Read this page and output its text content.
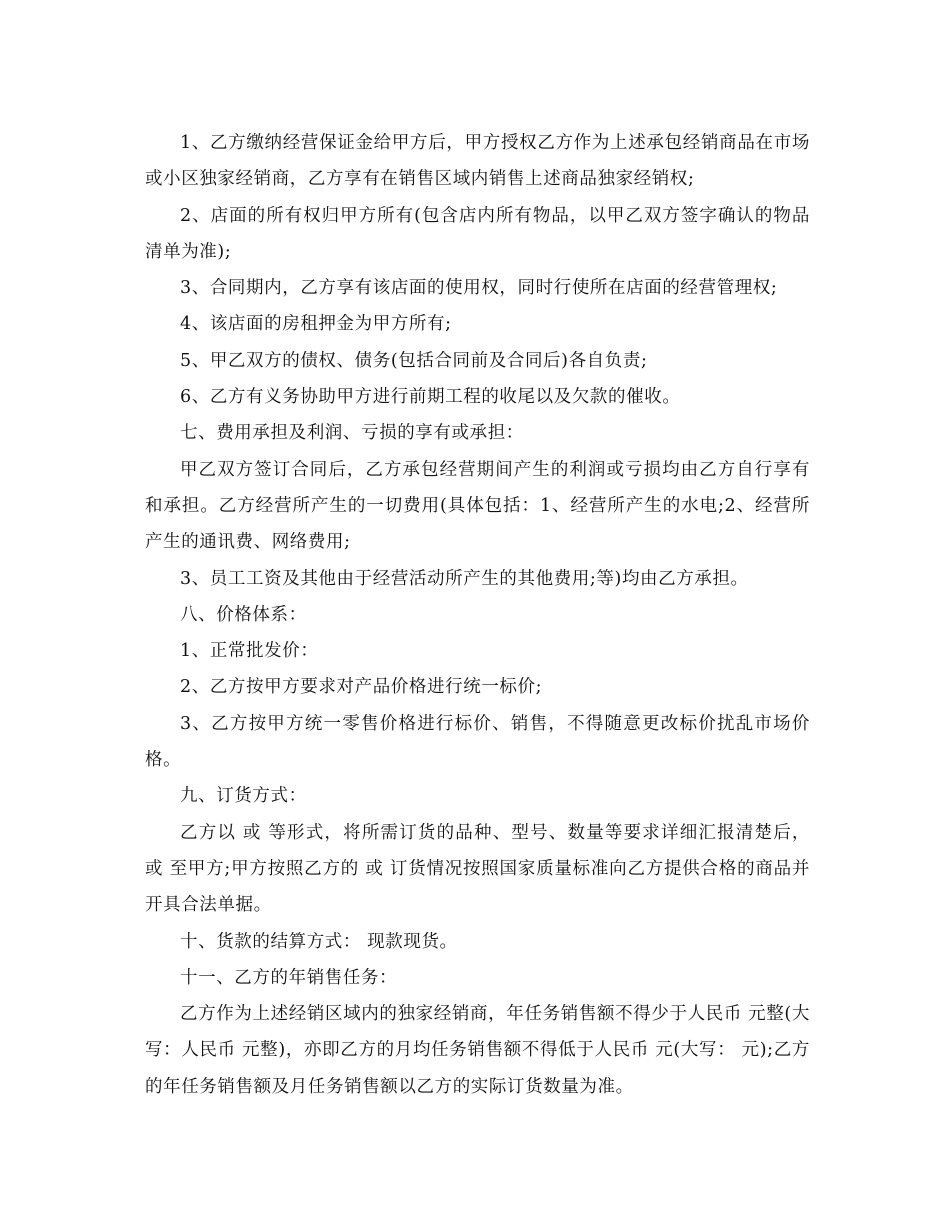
1、乙方缴纳经营保证金给甲方后，甲方授权乙方作为上述承包经销商品在市场或小区独家经销商，乙方享有在销售区域内销售上述商品独家经销权;

2、店面的所有权归甲方所有(包含店内所有物品，以甲乙双方签字确认的物品清单为准);

3、合同期内，乙方享有该店面的使用权，同时行使所在店面的经营管理权;

4、该店面的房租押金为甲方所有;

5、甲乙双方的债权、债务(包括合同前及合同后)各自负责;

6、乙方有义务协助甲方进行前期工程的收尾以及欠款的催收。

七、费用承担及利润、亏损的享有或承担：

甲乙双方签订合同后，乙方承包经营期间产生的利润或亏损均由乙方自行享有和承担。乙方经营所产生的一切费用(具体包括：1、经营所产生的水电;2、经营所产生的通讯费、网络费用;

3、员工工资及其他由于经营活动所产生的其他费用;等)均由乙方承担。

八、价格体系：

1、正常批发价：

2、乙方按甲方要求对产品价格进行统一标价;

3、乙方按甲方统一零售价格进行标价、销售，不得随意更改标价扰乱市场价格。

九、订货方式：

乙方以 或 等形式，将所需订货的品种、型号、数量等要求详细汇报清楚后， 或 至甲方;甲方按照乙方的 或 订货情况按照国家质量标准向乙方提供合格的商品并开具合法单据。

十、货款的结算方式： 现款现货。

十一、乙方的年销售任务：

乙方作为上述经销区域内的独家经销商，年任务销售额不得少于人民币 元整(大写：人民币 元整)，亦即乙方的月均任务销售额不得低于人民币 元(大写： 元);乙方的年任务销售额及月任务销售额以乙方的实际订货数量为准。
